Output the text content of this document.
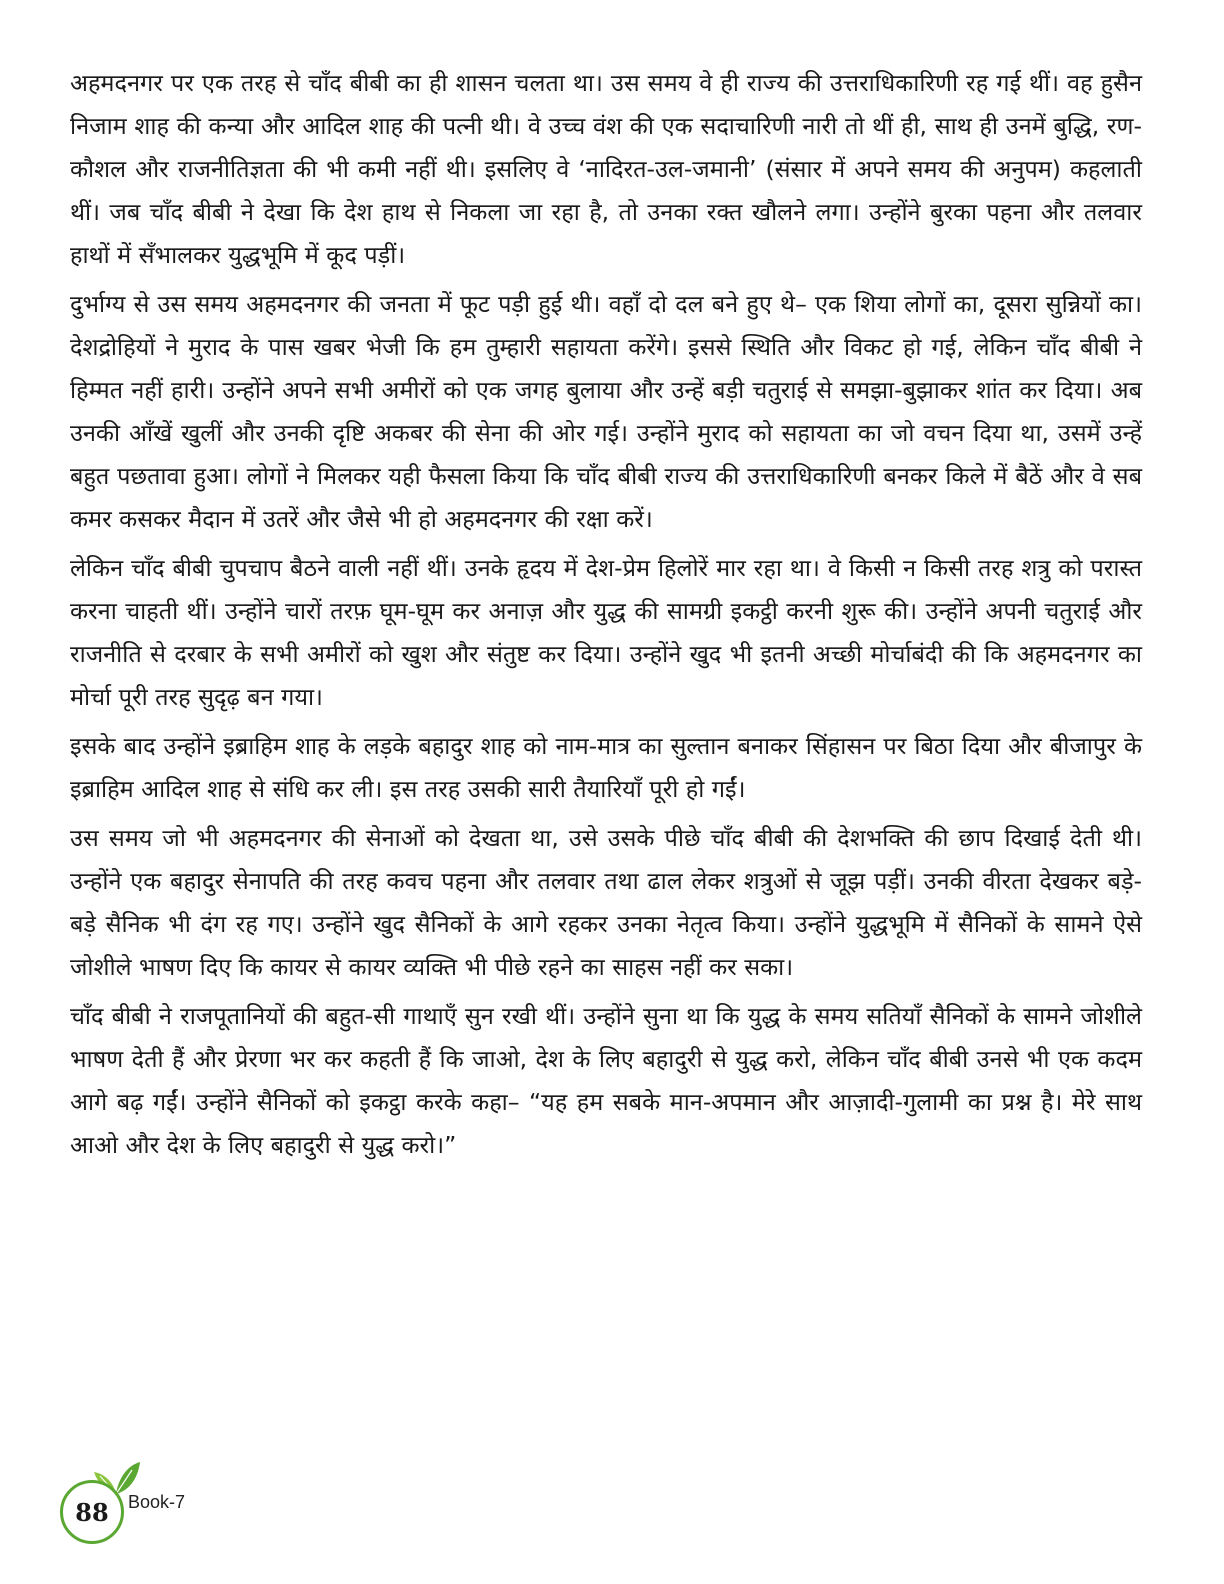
अहमदनगर पर एक तरह से चाँद बीबी का ही शासन चलता था। उस समय वे ही राज्य की उत्तराधिकारिणी रह गई थीं। वह हुसैन निजाम शाह की कन्या और आदिल शाह की पत्नी थी। वे उच्च वंश की एक सदाचारिणी नारी तो थीं ही, साथ ही उनमें बुद्धि, रण-कौशल और राजनीतिज्ञता की भी कमी नहीं थी। इसलिए वे ‘नादिरत-उल-जमानी’ (संसार में अपने समय की अनुपम) कहलाती थीं। जब चाँद बीबी ने देखा कि देश हाथ से निकला जा रहा है, तो उनका रक्त खौलने लगा। उन्होंने बुरका पहना और तलवार हाथों में सँभालकर युद्धभूमि में कूद पड़ीं।

दुर्भाग्य से उस समय अहमदनगर की जनता में फूट पड़ी हुई थी। वहाँ दो दल बने हुए थे– एक शिया लोगों का, दूसरा सुन्नियों का। देशद्रोहियों ने मुराद के पास खबर भेजी कि हम तुम्हारी सहायता करेंगे। इससे स्थिति और विकट हो गई, लेकिन चाँद बीबी ने हिम्मत नहीं हारी। उन्होंने अपने सभी अमीरों को एक जगह बुलाया और उन्हें बड़ी चतुराई से समझा-बुझाकर शांत कर दिया। अब उनकी आँखें खुलीं और उनकी दृष्टि अकबर की सेना की ओर गई। उन्होंने मुराद को सहायता का जो वचन दिया था, उसमें उन्हें बहुत पछतावा हुआ। लोगों ने मिलकर यही फैसला किया कि चाँद बीबी राज्य की उत्तराधिकारिणी बनकर किले में बैठें और वे सब कमर कसकर मैदान में उतरें और जैसे भी हो अहमदनगर की रक्षा करें।

लेकिन चाँद बीबी चुपचाप बैठने वाली नहीं थीं। उनके हृदय में देश-प्रेम हिलोरें मार रहा था। वे किसी न किसी तरह शत्रु को परास्त करना चाहती थीं। उन्होंने चारों तरफ़ घूम-घूम कर अनाज़ और युद्ध की सामग्री इकट्ठी करनी शुरू की। उन्होंने अपनी चतुराई और राजनीति से दरबार के सभी अमीरों को खुश और संतुष्ट कर दिया। उन्होंने खुद भी इतनी अच्छी मोर्चाबंदी की कि अहमदनगर का मोर्चा पूरी तरह सुदृढ़ बन गया।

इसके बाद उन्होंने इब्राहिम शाह के लड़के बहादुर शाह को नाम-मात्र का सुल्तान बनाकर सिंहासन पर बिठा दिया और बीजापुर के इब्राहिम आदिल शाह से संधि कर ली। इस तरह उसकी सारी तैयारियाँ पूरी हो गईं।

उस समय जो भी अहमदनगर की सेनाओं को देखता था, उसे उसके पीछे चाँद बीबी की देशभक्ति की छाप दिखाई देती थी। उन्होंने एक बहादुर सेनापति की तरह कवच पहना और तलवार तथा ढाल लेकर शत्रुओं से जूझ पड़ीं। उनकी वीरता देखकर बड़े-बड़े सैनिक भी दंग रह गए। उन्होंने खुद सैनिकों के आगे रहकर उनका नेतृत्व किया। उन्होंने युद्धभूमि में सैनिकों के सामने ऐसे जोशीले भाषण दिए कि कायर से कायर व्यक्ति भी पीछे रहने का साहस नहीं कर सका।

चाँद बीबी ने राजपूतानियों की बहुत-सी गाथाएँ सुन रखी थीं। उन्होंने सुना था कि युद्ध के समय सतियाँ सैनिकों के सामने जोशीले भाषण देती हैं और प्रेरणा भर कर कहती हैं कि जाओ, देश के लिए बहादुरी से युद्ध करो, लेकिन चाँद बीबी उनसे भी एक कदम आगे बढ़ गईं। उन्होंने सैनिकों को इकट्ठा करके कहा– “यह हम सबके मान-अपमान और आज़ादी-गुलामी का प्रश्न है। मेरे साथ आओ और देश के लिए बहादुरी से युद्ध करो।”

88 Book-7
